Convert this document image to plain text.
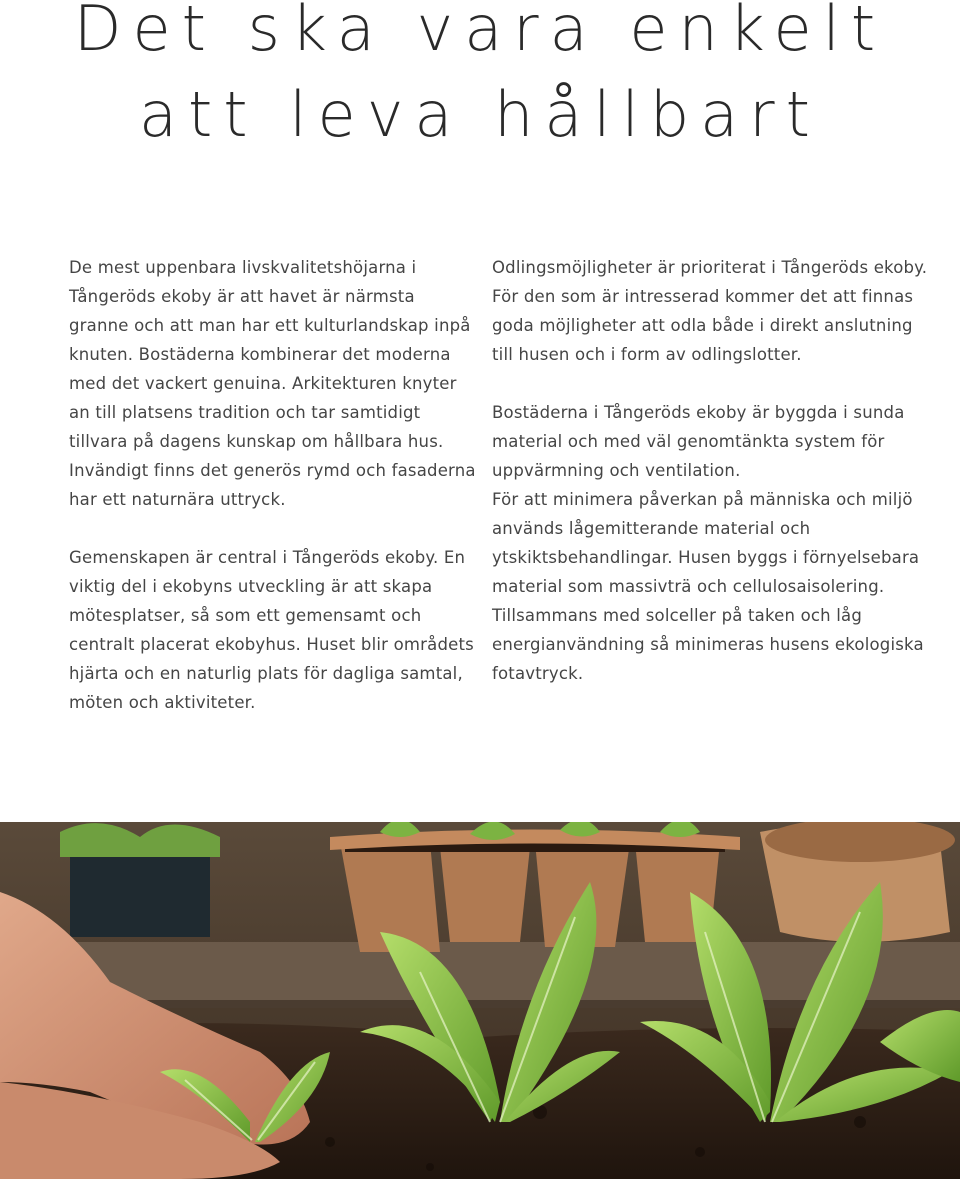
Det ska vara enkelt
att leva hållbart

De mest uppenbara livskvalitetshöjarna i Tångeröds ekoby är att havet är närmsta granne och att man har ett kulturlandskap inpå knuten. Bostäderna kombinerar det moderna med det vackert genuina. Arkitekturen knyter an till platsens tradition och tar samtidigt tillvara på dagens kunskap om hållbara hus. Invändigt finns det generös rymd och fasaderna har ett naturnära uttryck.

Gemenskapen är central i Tångeröds ekoby. En viktig del i ekobyns utveckling är att skapa mötesplatser, så som ett gemensamt och centralt placerat ekobyhus. Huset blir områdets hjärta och en naturlig plats för dagliga samtal, möten och aktiviteter.

Odlingsmöjligheter är prioriterat i Tångeröds ekoby. För den som är intresserad kommer det att finnas goda möjligheter att odla både i direkt anslutning till husen och i form av odlingslotter.

Bostäderna i Tångeröds ekoby är byggda i sunda material och med väl genomtänkta system för uppvärmning och ventilation.

För att minimera påverkan på människa och miljö används lågemitterande material och ytskiktsbehandlingar. Husen byggs i förnyelsebara material som massivträ och cellulosaisolering. Tillsammans med solceller på taken och låg energianvändning så minimeras husens ekologiska fotavtryck.
